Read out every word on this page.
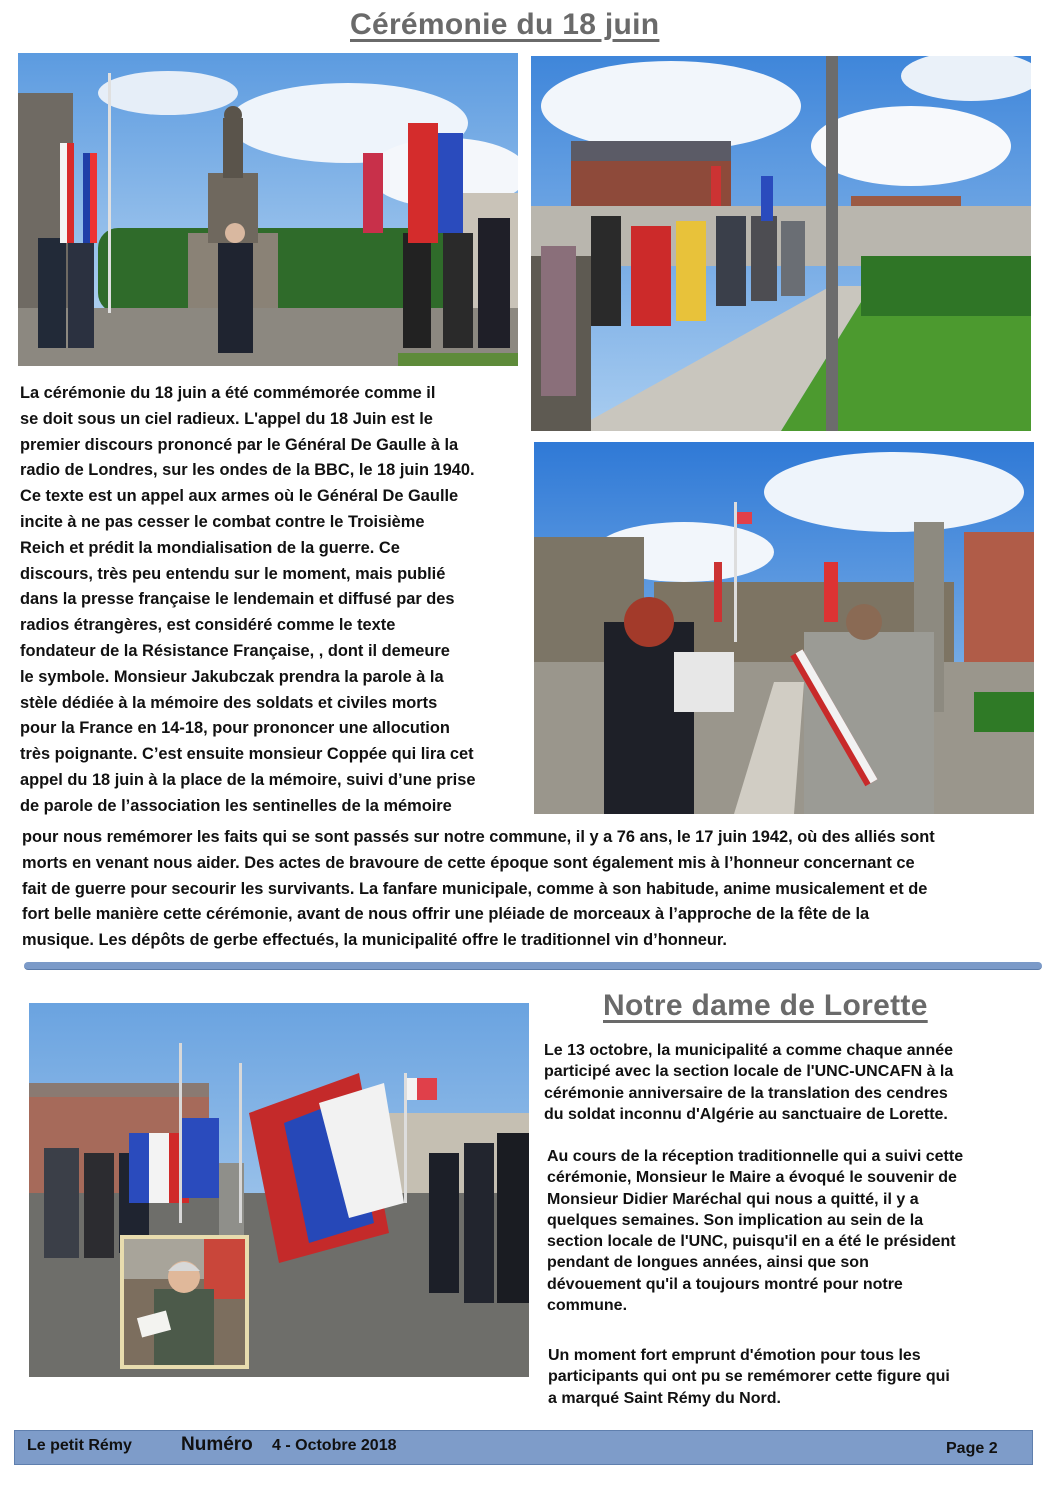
Cérémonie du 18 juin

La cérémonie du 18 juin a été commémorée comme il

se doit sous un ciel radieux. L'appel du 18 Juin est le

premier discours prononcé par le Général De Gaulle à la

radio de Londres, sur les ondes de la BBC, le 18 juin 1940.

Ce texte est un appel aux armes où le Général De Gaulle

incite à ne pas cesser le combat contre le Troisième

Reich et prédit la mondialisation de la guerre. Ce

discours, très peu entendu sur le moment, mais publié

dans la presse française le lendemain et diffusé par des

radios étrangères, est considéré comme le texte

fondateur de la Résistance Française, , dont il demeure

le symbole. Monsieur Jakubczak prendra la parole à la

stèle dédiée à la mémoire des soldats et civiles morts

pour la France en 14-18, pour prononcer une allocution

très poignante. C’est ensuite monsieur Coppée qui lira cet

appel du 18 juin à la place de la mémoire, suivi d’une prise

de parole de l’association les sentinelles de la mémoire

pour nous remémorer les faits qui se sont passés sur notre commune, il y a 76 ans, le 17 juin 1942, où des alliés sont

morts en venant nous aider. Des actes de bravoure de cette époque sont également mis à l’honneur concernant ce

fait de guerre pour secourir les survivants. La fanfare municipale, comme à son habitude, anime musicalement et de

fort belle manière cette cérémonie, avant de nous offrir une pléiade de morceaux à l’approche de la fête de la

musique. Les dépôts de gerbe effectués, la municipalité offre le traditionnel vin d’honneur.

Notre dame de Lorette

Le 13 octobre, la municipalité a comme chaque année

participé avec la section locale de l'UNC-UNCAFN à la

cérémonie anniversaire de la translation des cendres

du soldat inconnu d'Algérie au sanctuaire de Lorette.

Au cours de la réception traditionnelle qui a suivi cette

cérémonie, Monsieur le Maire a évoqué le souvenir de

Monsieur Didier Maréchal qui nous a quitté, il y a

quelques semaines. Son implication au sein de la

section locale de l'UNC, puisqu'il en a été le président

pendant de longues années, ainsi que son

dévouement qu'il a toujours montré pour notre

commune.

Un moment fort emprunt d'émotion pour tous les

participants qui ont pu se remémorer cette figure qui

a marqué Saint Rémy du Nord.

Le petit Rémy	Numéro 4 - Octobre 2018	Page 2
